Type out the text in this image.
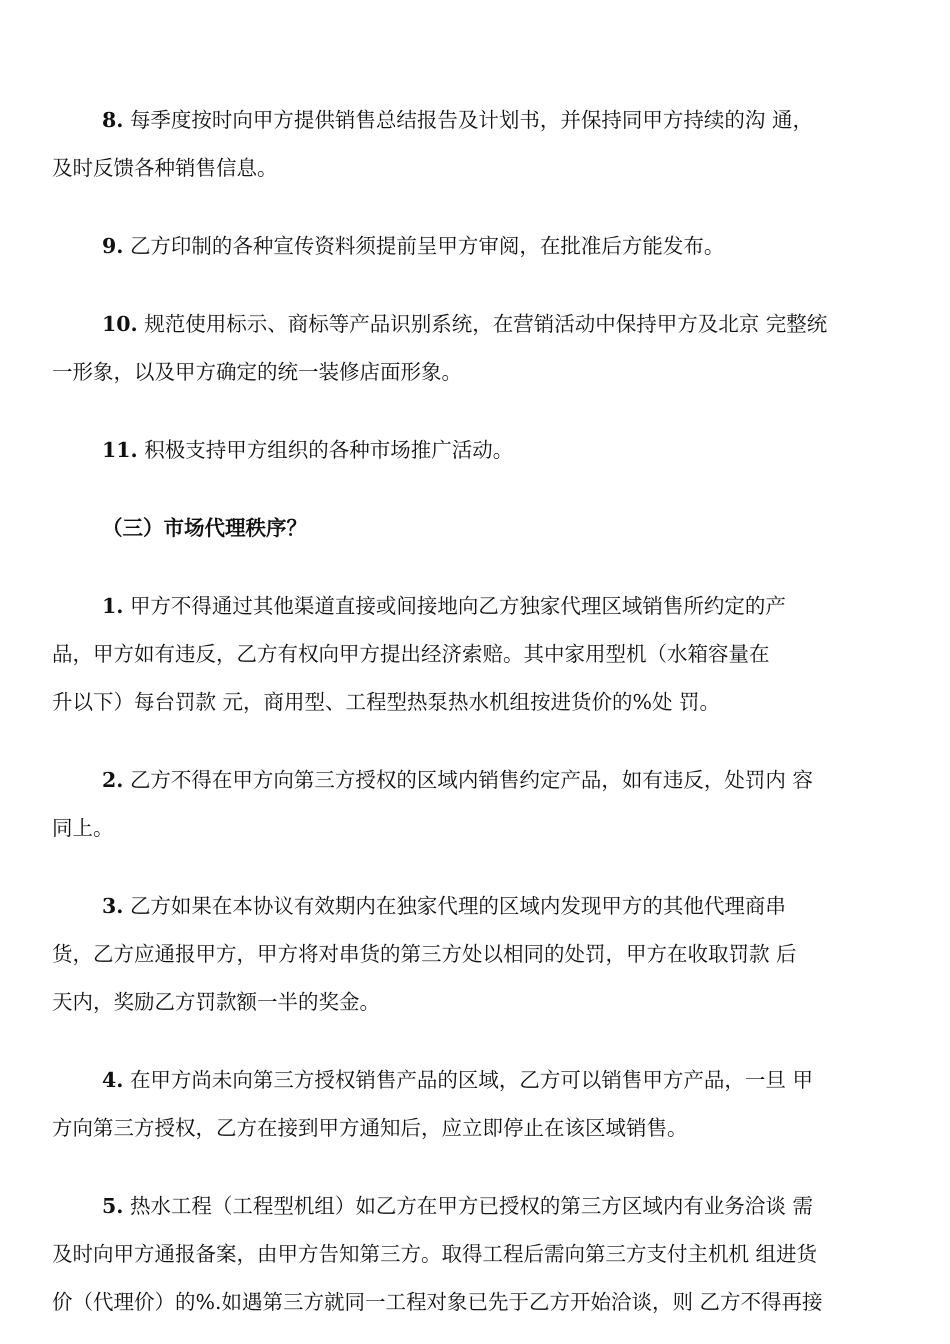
8. 每季度按时向甲方提供销售总结报告及计划书，并保持同甲方持续的沟 通，
及时反馈各种销售信息。
9. 乙方印制的各种宣传资料须提前呈甲方审阅，在批准后方能发布。
10. 规范使用标示、商标等产品识别系统，在营销活动中保持甲方及北京 完整统
一形象，以及甲方确定的统一装修店面形象。
11. 积极支持甲方组织的各种市场推广活动。
（三）市场代理秩序？
1. 甲方不得通过其他渠道直接或间接地向乙方独家代理区域销售所约定的产
品，甲方如有违反，乙方有权向甲方提出经济索赔。其中家用型机（水箱容量在
升以下）每台罚款 元，商用型、工程型热泵热水机组按进货价的%处 罚。
2. 乙方不得在甲方向第三方授权的区域内销售约定产品，如有违反，处罚内 容
同上。
3. 乙方如果在本协议有效期内在独家代理的区域内发现甲方的其他代理商串
货，乙方应通报甲方，甲方将对串货的第三方处以相同的处罚，甲方在收取罚款 后
天内，奖励乙方罚款额一半的奖金。
4. 在甲方尚未向第三方授权销售产品的区域，乙方可以销售甲方产品，一旦 甲
方向第三方授权，乙方在接到甲方通知后，应立即停止在该区域销售。
5. 热水工程（工程型机组）如乙方在甲方已授权的第三方区域内有业务洽谈 需
及时向甲方通报备案，由甲方告知第三方。取得工程后需向第三方支付主机机 组进货
价（代理价）的%.如遇第三方就同一工程对象已先于乙方开始洽谈，则 乙方不得再接
